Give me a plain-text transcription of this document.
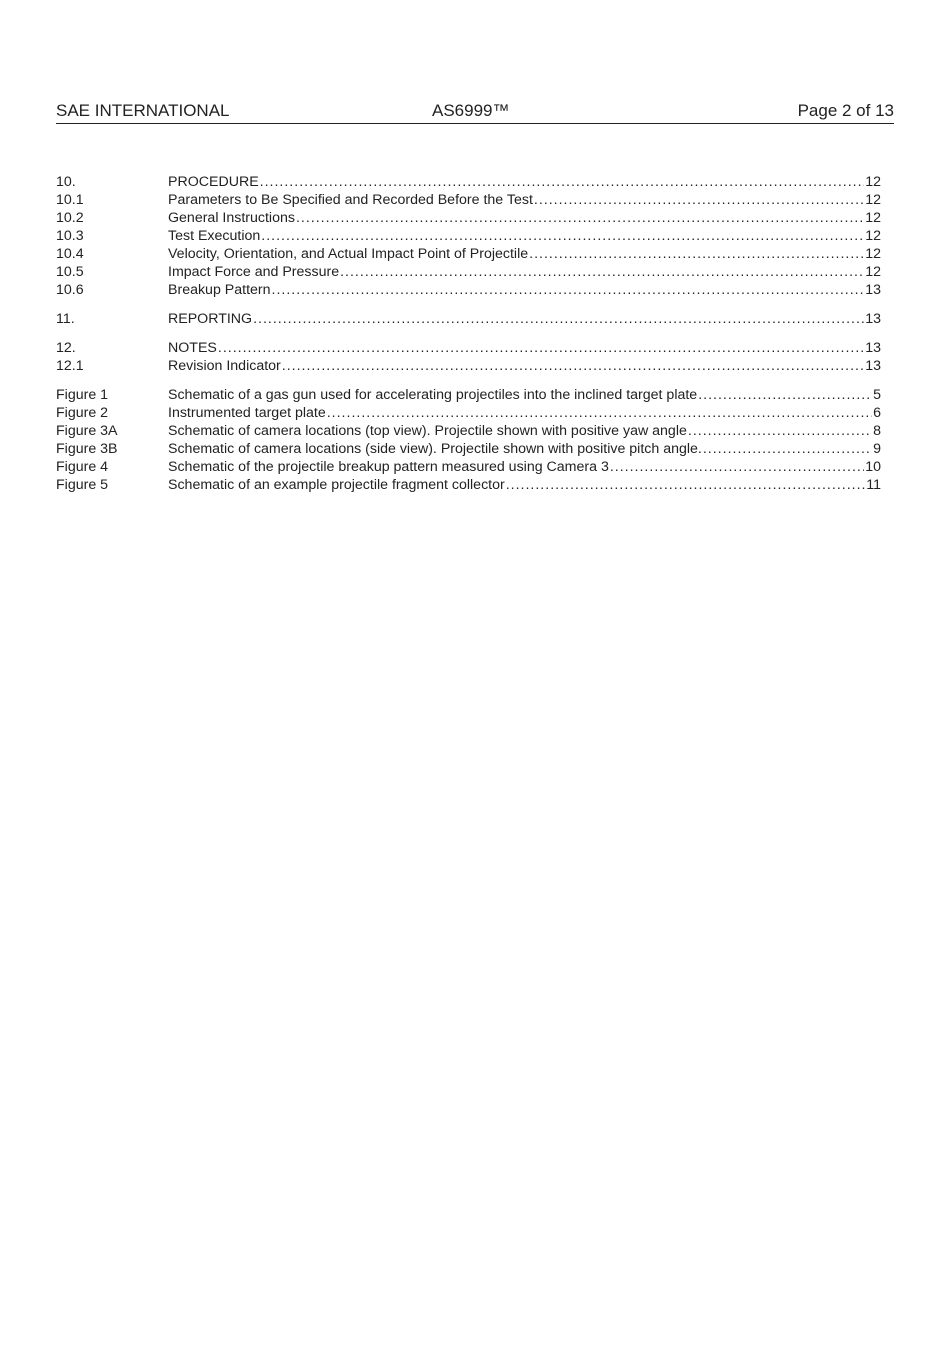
SAE INTERNATIONAL	AS6999™	Page 2 of 13
10.	PROCEDURE .....	12
10.1	Parameters to Be Specified and Recorded Before the Test .....	12
10.2	General Instructions .....	12
10.3	Test Execution .....	12
10.4	Velocity, Orientation, and Actual Impact Point of Projectile .....	12
10.5	Impact Force and Pressure .....	12
10.6	Breakup Pattern .....	13
11.	REPORTING .....	13
12.	NOTES .....	13
12.1	Revision Indicator .....	13
Figure 1	Schematic of a gas gun used for accelerating projectiles into the inclined target plate .....	5
Figure 2	Instrumented target plate .....	6
Figure 3A	Schematic of camera locations (top view). Projectile shown with positive yaw angle .....	8
Figure 3B	Schematic of camera locations (side view). Projectile shown with positive pitch angle. .....	9
Figure 4	Schematic of the projectile breakup pattern measured using Camera 3 .....	10
Figure 5	Schematic of an example projectile fragment collector .....	11
